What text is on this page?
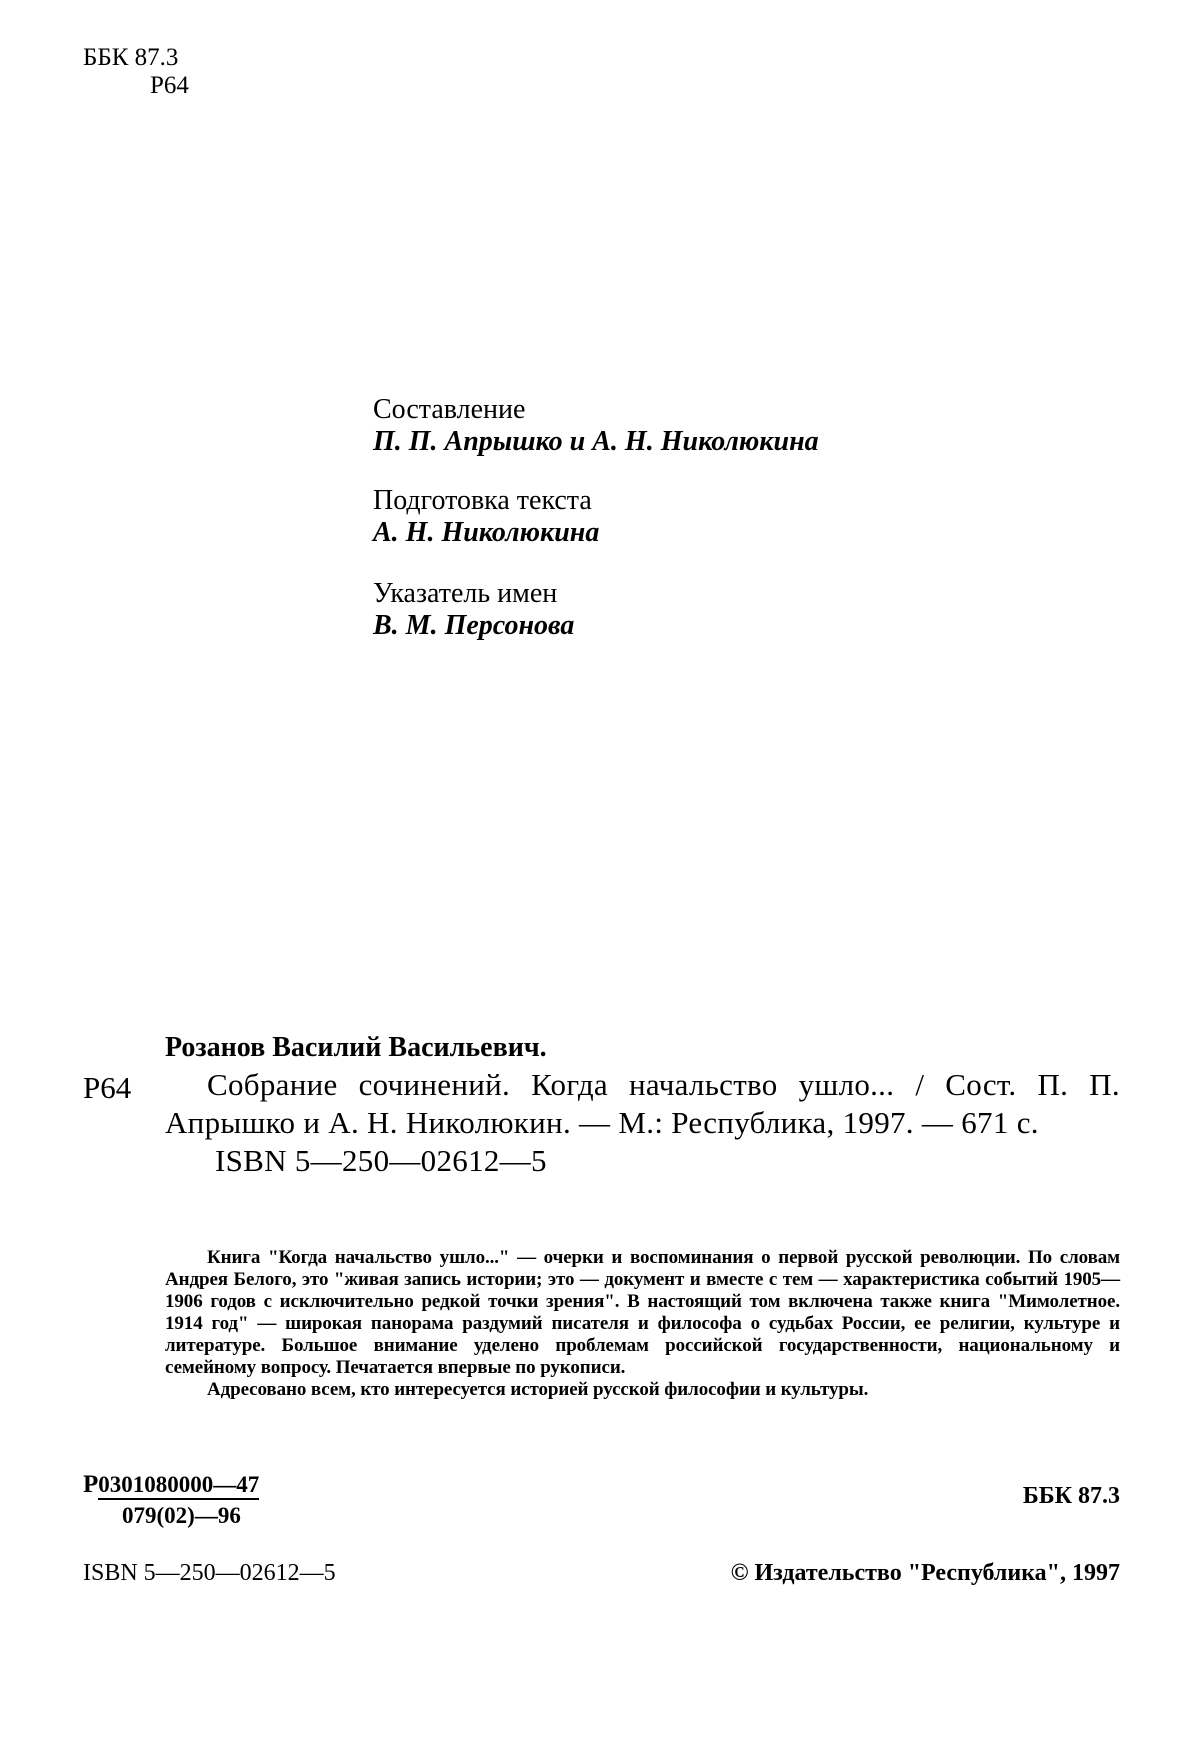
ББК 87.3
Р64
Составление
П. П. Апрышко и А. Н. Николюкина
Подготовка текста
А. Н. Николюкина
Указатель имен
В. М. Персонова
Розанов Василий Васильевич.
Р64	Собрание сочинений. Когда начальство ушло... / Сост. П. П. Апрышко и А. Н. Николюкин. — М.: Республика, 1997. — 671 с.
ISBN 5—250—02612—5

Книга "Когда начальство ушло..." — очерки и воспоминания о первой русской революции. По словам Андрея Белого, это "живая запись истории; это — документ и вместе с тем — характеристика событий 1905—1906 годов с исключительно редкой точки зрения". В настоящий том включена также книга "Мимолетное. 1914 год" — широкая панорама раздумий писателя и философа о судьбах России, ее религии, культуре и литературе. Большое внимание уделено проблемам российской государственности, национальному и семейному вопросу. Печатается впервые по рукописи.

Адресовано всем, кто интересуется историей русской философии и культуры.

Р0301080000—47
079(02)—96
ББК 87.3
ISBN 5—250—02612—5	© Издательство "Республика", 1997
